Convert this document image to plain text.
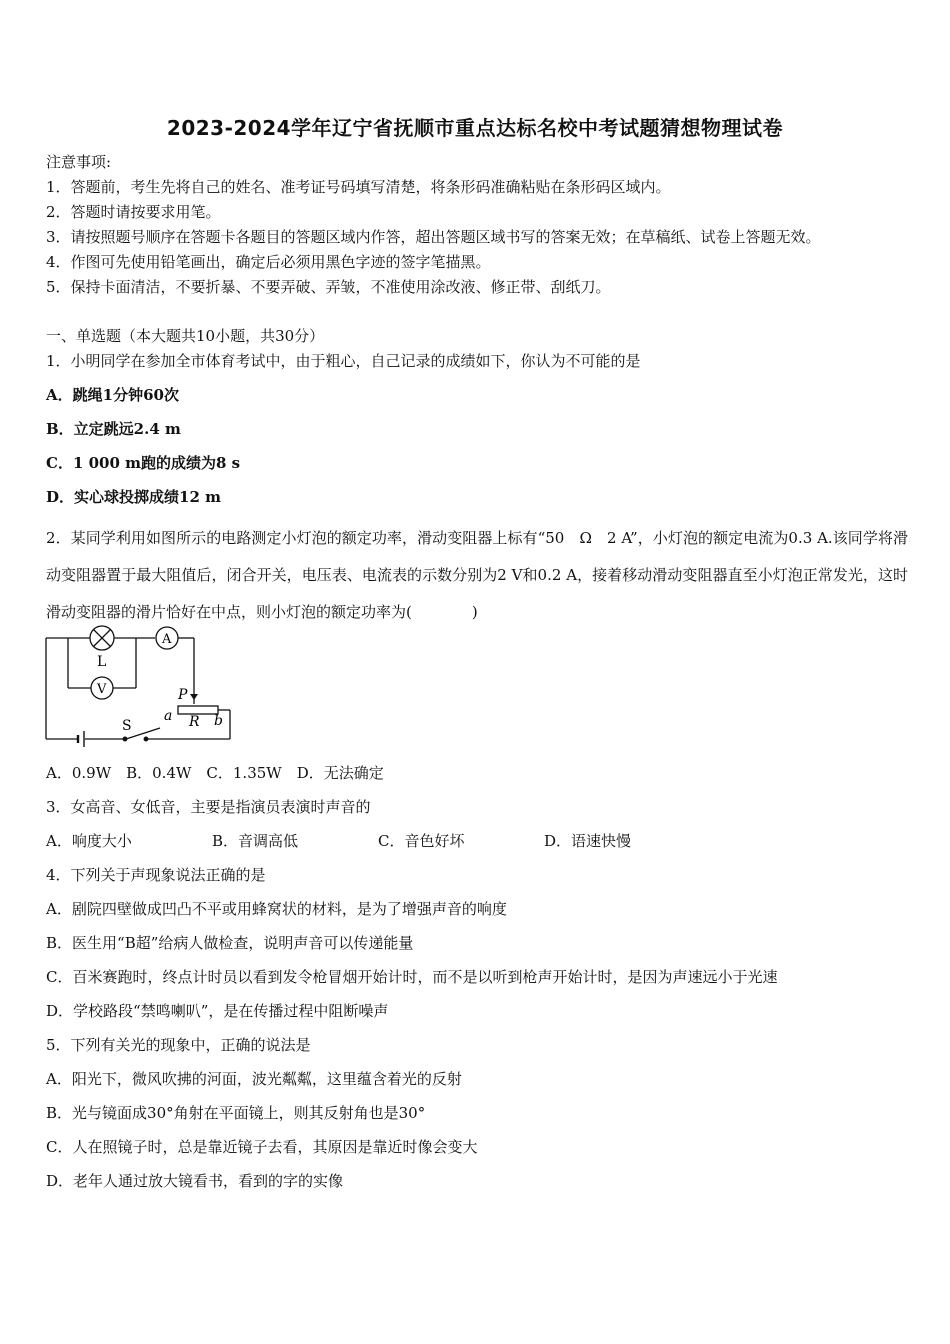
2023-2024学年辽宁省抚顺市重点达标名校中考试题猜想物理试卷
注意事项:
1．答题前，考生先将自己的姓名、准考证号码填写清楚，将条形码准确粘贴在条形码区域内。
2．答题时请按要求用笔。
3．请按照题号顺序在答题卡各题目的答题区域内作答，超出答题区域书写的答案无效；在草稿纸、试卷上答题无效。
4．作图可先使用铅笔画出，确定后必须用黑色字迹的签字笔描黑。
5．保持卡面清洁，不要折暴、不要弄破、弄皱，不准使用涂改液、修正带、刮纸刀。
一、单选题（本大题共10小题，共30分）
1．小明同学在参加全市体育考试中，由于粗心，自己记录的成绩如下，你认为不可能的是
A．跳绳1分钟60次
B．立定跳远2.4 m
C．1 000 m跑的成绩为8 s
D．实心球投掷成绩12 m
2．某同学利用如图所示的电路测定小灯泡的额定功率，滑动变阻器上标有“50　Ω　2 A”，小灯泡的额定电流为0.3 A.该同学将滑动变阻器置于最大阻值后，闭合开关，电压表、电流表的示数分别为2 V和0.2 A，接着移动滑动变阻器直至小灯泡正常发光，这时滑动变阻器的滑片恰好在中点，则小灯泡的额定功率为(　　　　)
L
A
V	P
a R b
S
A．0.9W　B．0.4W　C．1.35W　D．无法确定
3．女高音、女低音，主要是指演员表演时声音的
A．响度大小	B．音调高低	C．音色好坏	D．语速快慢
4．下列关于声现象说法正确的是
A．剧院四壁做成凹凸不平或用蜂窝状的材料，是为了增强声音的响度
B．医生用“B超”给病人做检查，说明声音可以传递能量
C．百米赛跑时，终点计时员以看到发令枪冒烟开始计时，而不是以听到枪声开始计时，是因为声速远小于光速
D．学校路段“禁鸣喇叭”，是在传播过程中阻断噪声
5．下列有关光的现象中，正确的说法是
A．阳光下，微风吹拂的河面，波光粼粼，这里蕴含着光的反射
B．光与镜面成30°角射在平面镜上，则其反射角也是30°
C．人在照镜子时，总是靠近镜子去看，其原因是靠近时像会变大
D．老年人通过放大镜看书，看到的字的实像
